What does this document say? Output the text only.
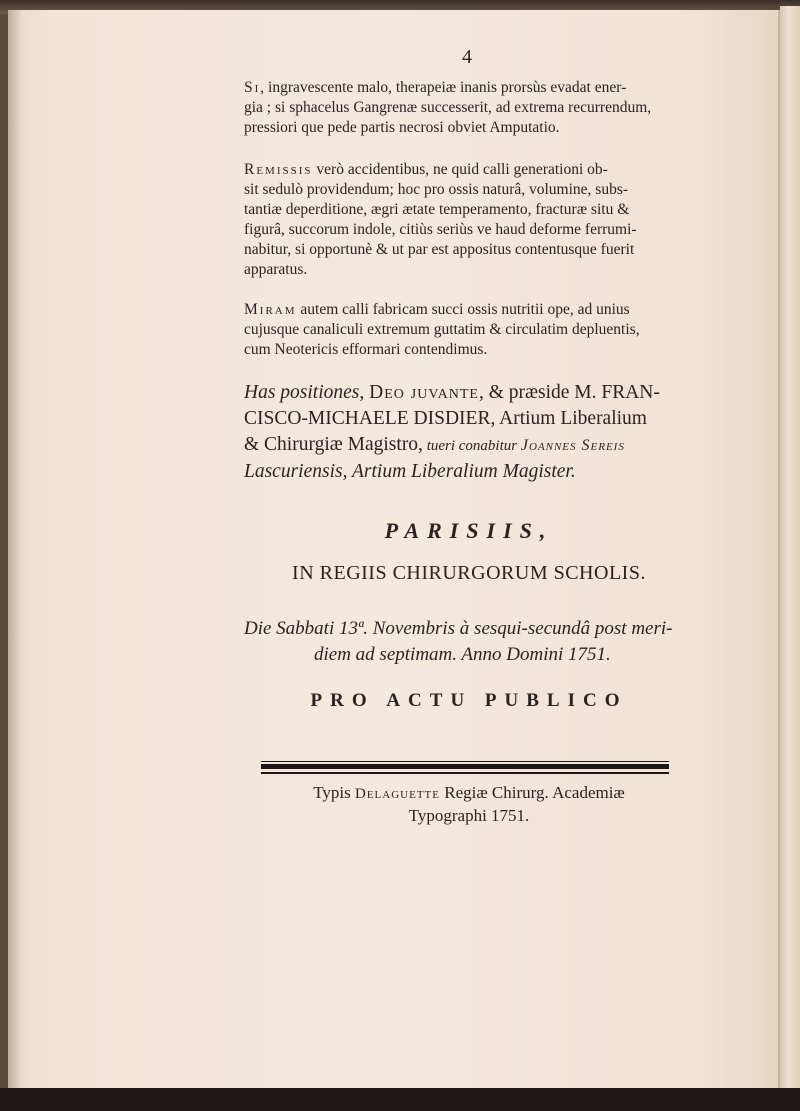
4

Si, ingravescente malo, therapeiæ inanis prorsùs evadat ener-
gia ; si sphacelus Gangrenæ successerit, ad extrema recurrendum,
pressiori que pede partis necrosi obviet Amputatio.

Remissis verò accidentibus, ne quid calli generationi ob-
sit sedulò providendum; hoc pro ossis naturâ, volumine, subs-
tantiæ deperditione, ægri ætate temperamento, fracturæ situ &
figurâ, succorum indole, citiùs seriùs ve haud deforme ferrumi-
nabitur, si opportunè & ut par est appositus contentusque fuerit
apparatus.

Miram autem calli fabricam succi ossis nutritii ope, ad unius
cujusque canaliculi extremum guttatim & circulatim depluentis,
cum Neotericis efformari contendimus.

Has positiones, Deo juvante, & præside M. FRAN-
CISCO-MICHAELE DISDIER, Artium Liberalium
& Chirurgiæ Magistro, tueri conabitur Joannes Sereis
Lascuriensis, Artium Liberalium Magister.
PARISIIS,
IN REGIIS CHIRURGORUM SCHOLIS.
Die Sabbati 13ª. Novembris à sesqui-secundâ post meri-
diem ad septimam. Anno Domini 1751.
PRO ACTU PUBLICO
Typis Delaguette Regiæ Chirurg. Academiæ
Typographi 1751.
